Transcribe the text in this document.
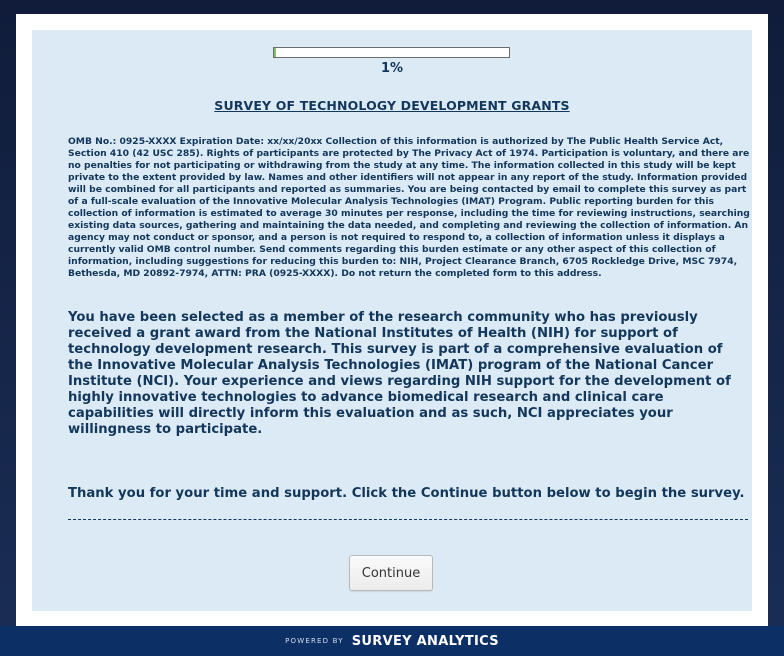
1%
SURVEY OF TECHNOLOGY DEVELOPMENT GRANTS
OMB No.: 0925-XXXX Expiration Date: xx/xx/20xx Collection of this information is authorized by The Public Health Service Act, Section 410 (42 USC 285). Rights of participants are protected by The Privacy Act of 1974. Participation is voluntary, and there are no penalties for not participating or withdrawing from the study at any time. The information collected in this study will be kept private to the extent provided by law. Names and other identifiers will not appear in any report of the study. Information provided will be combined for all participants and reported as summaries. You are being contacted by email to complete this survey as part of a full-scale evaluation of the Innovative Molecular Analysis Technologies (IMAT) Program. Public reporting burden for this collection of information is estimated to average 30 minutes per response, including the time for reviewing instructions, searching existing data sources, gathering and maintaining the data needed, and completing and reviewing the collection of information. An agency may not conduct or sponsor, and a person is not required to respond to, a collection of information unless it displays a currently valid OMB control number. Send comments regarding this burden estimate or any other aspect of this collection of information, including suggestions for reducing this burden to: NIH, Project Clearance Branch, 6705 Rockledge Drive, MSC 7974, Bethesda, MD 20892-7974, ATTN: PRA (0925-XXXX). Do not return the completed form to this address.
You have been selected as a member of the research community who has previously received a grant award from the National Institutes of Health (NIH) for support of technology development research. This survey is part of a comprehensive evaluation of the Innovative Molecular Analysis Technologies (IMAT) program of the National Cancer Institute (NCI). Your experience and views regarding NIH support for the development of highly innovative technologies to advance biomedical research and clinical care capabilities will directly inform this evaluation and as such, NCI appreciates your willingness to participate.
Thank you for your time and support. Click the Continue button below to begin the survey.
Continue
POWERED BY SURVEY ANALYTICS
